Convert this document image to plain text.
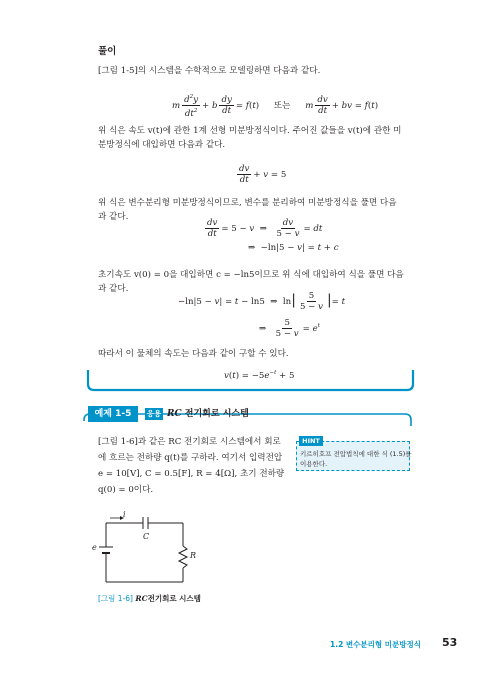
풀이
[그림 1-5]의 시스템을 수학적으로 모델링하면 다음과 같다.
m $\frac{d^2y}{dt^2} + b \frac{dy}{dt} = f(t)$ 또는 m $\frac{dv}{dt}$ + bv = f(t)
위 식은 속도 v(t)에 관한 1계 선형 미분방정식이다. 주어진 값들을 v(t)에 관한 미분방정식에 대입하면 다음과 같다.
$\frac{dv}{dt} + v = 5$
위 식은 변수분리형 미분방정식이므로, 변수를 분리하여 미분방정식을 풀면 다음과 같다.
$\frac{dv}{dt} = 5 - v$  ⇒ $\frac{dv}{5 - v}$ = dt
⇒  −ln|5 − v| = t + c
초기속도 v(0) = 0을 대입하면 c = −ln5이므로 위 식에 대입하여 식을 풀면 다음과 같다.
−ln|5 − v| = t − ln5  ⇒  $\ln| \frac{5}{5 - v}$ |= t
⇒ $\frac{5}{5 - v} = e^t$
따라서 이 물체의 속도는 다음과 같이 구할 수 있다.
$v(t) = -5e^{-t} + 5$
예제 1-5	응용 RC 전기회로 시스템
[그림 1-6]과 같은 RC 전기회로 시스템에서 회로
에 흐르는 전하량 q(t)를 구하라. 여기서 입력전압
e = 10[V], C = 0.5[F], R = 4[Ω], 초기 전하량
q(0) = 0이다.
HINT
키르히호프 전압법칙에 대한 식 (1.5)를
이용한다.
i
C
R
e
[그림 1-6] RC전기회로 시스템
1.2 변수분리형 미분방정식 53
